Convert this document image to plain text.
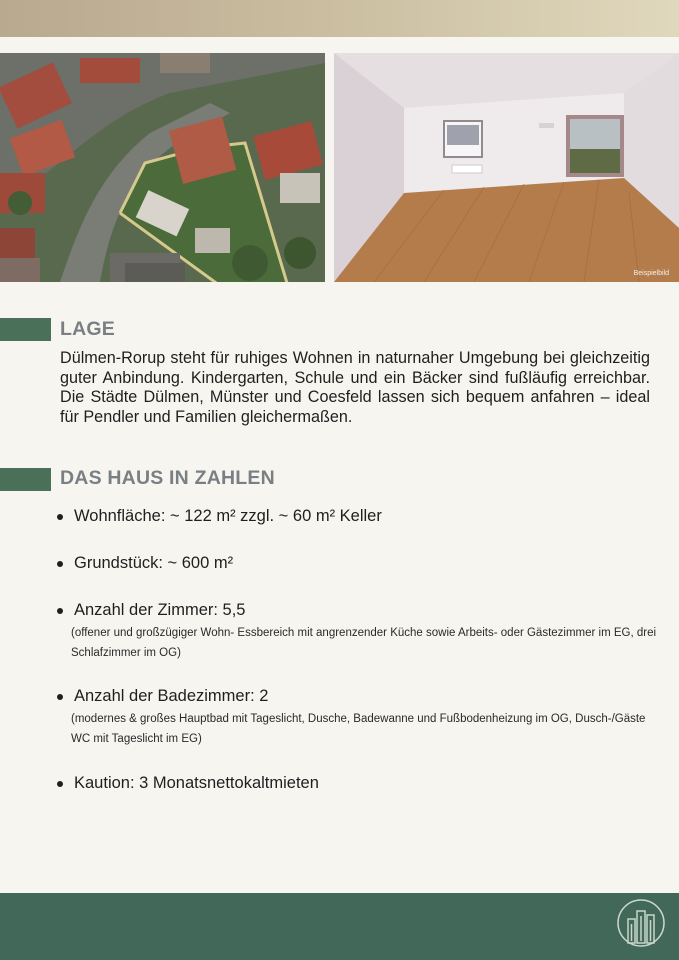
Beispielbild
LAGE
Dülmen-Rorup steht für ruhiges Wohnen in naturnaher Umgebung bei gleichzeitig guter Anbindung. Kindergarten, Schule und ein Bäcker sind fußläufig erreichbar. Die Städte Dülmen, Münster und Coesfeld lassen sich bequem anfahren – ideal für Pendler und Familien gleichermaßen.
DAS HAUS IN ZAHLEN
Wohnfläche: ~ 122 m² zzgl. ~ 60 m² Keller
Grundstück: ~ 600 m²
Anzahl der Zimmer: 5,5
(offener und großzügiger Wohn- Essbereich mit angrenzender Küche sowie Arbeits- oder Gästezimmer im EG, drei Schlafzimmer im OG)
Anzahl der Badezimmer: 2
(modernes & großes Hauptbad mit Tageslicht, Dusche, Badewanne und Fußbodenheizung im OG, Dusch-/Gäste WC mit Tageslicht im EG)
Kaution: 3 Monatsnettokaltmieten
